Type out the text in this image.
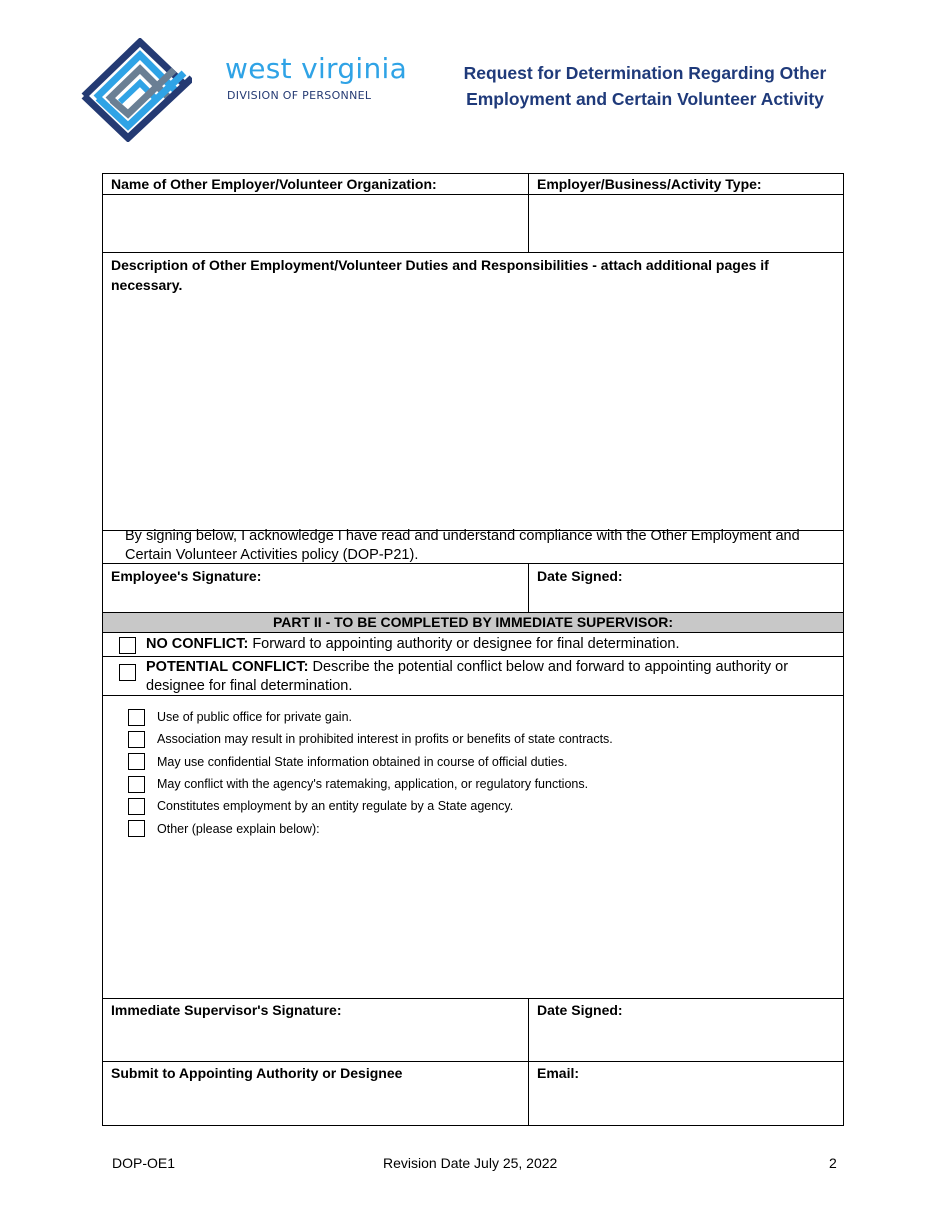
west virginia
DIVISION OF PERSONNEL
Request for Determination Regarding Other
Employment and Certain Volunteer Activity
Name of Other Employer/Volunteer Organization:	Employer/Business/Activity Type:
Description of Other Employment/Volunteer Duties and Responsibilities - attach additional pages if necessary.
By signing below, I acknowledge I have read and understand compliance with the Other Employment and Certain Volunteer Activities policy (DOP-P21).
Employee's Signature:	Date Signed:
PART II - TO BE COMPLETED BY IMMEDIATE SUPERVISOR:
NO CONFLICT: Forward to appointing authority or designee for final determination.
POTENTIAL CONFLICT: Describe the potential conflict below and forward to appointing authority or designee for final determination.
Use of public office for private gain.
Association may result in prohibited interest in profits or benefits of state contracts.
May use confidential State information obtained in course of official duties.
May conflict with the agency's ratemaking, application, or regulatory functions.
Constitutes employment by an entity regulate by a State agency.
Other (please explain below):
Immediate Supervisor's Signature:	Date Signed:
Submit to Appointing Authority or Designee	Email:
DOP-OE1	Revision Date July 25, 2022	2
